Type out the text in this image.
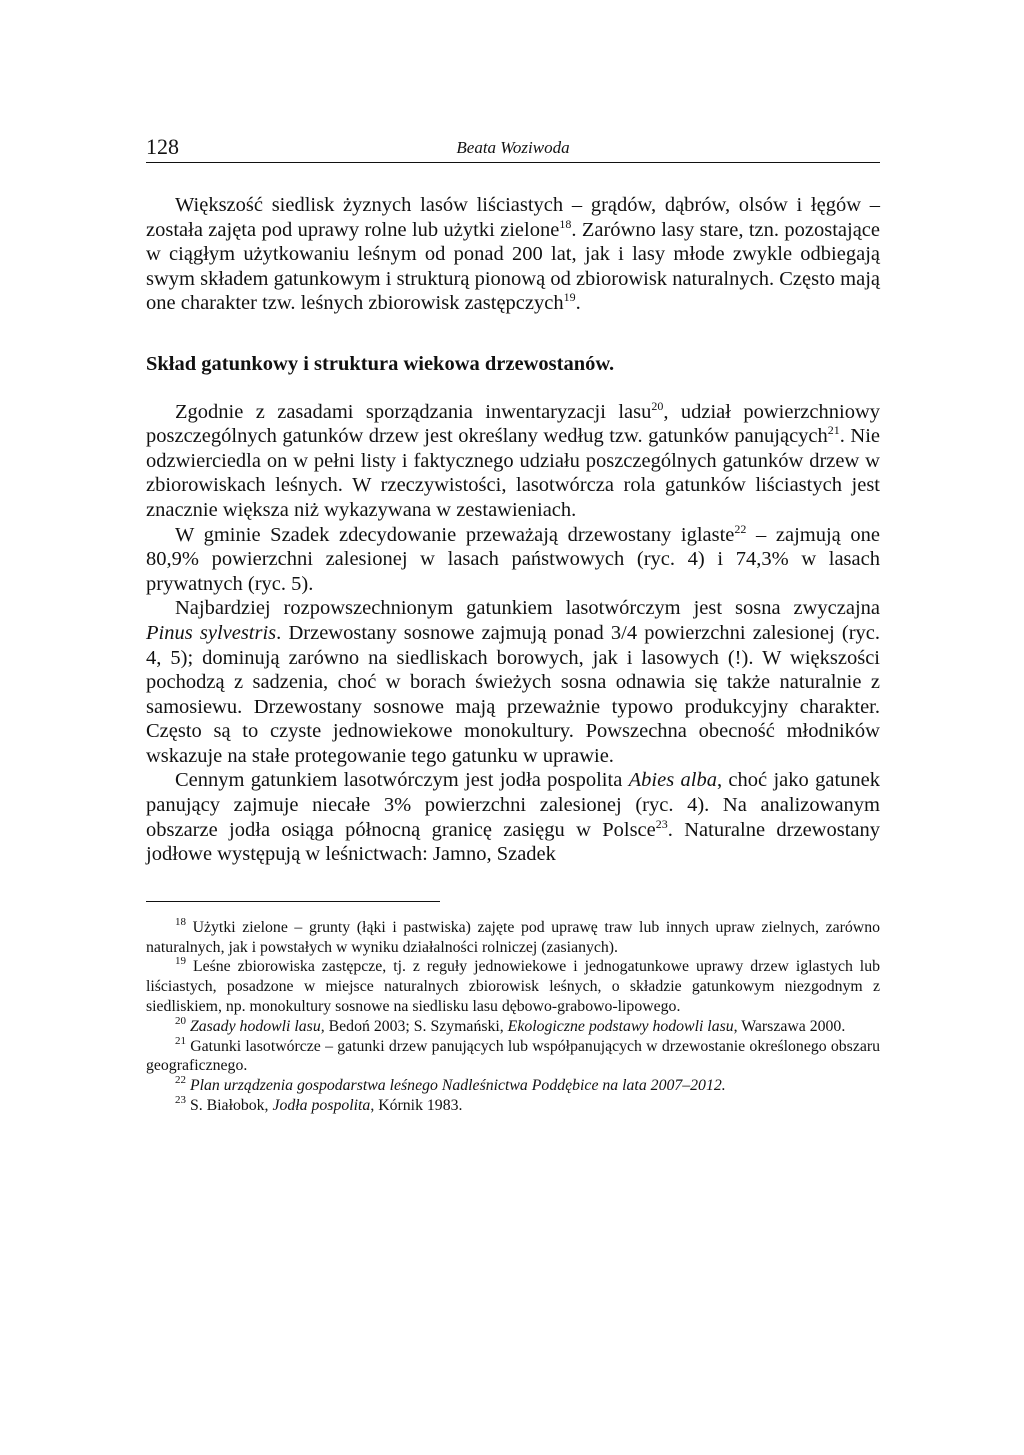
128	Beata Woziwoda

Większość siedlisk żyznych lasów liściastych – grądów, dąbrów, olsów i łęgów – została zajęta pod uprawy rolne lub użytki zielone$^{18}$. Zarówno lasy stare, tzn. pozostające w ciągłym użytkowaniu leśnym od ponad 200 lat, jak i lasy młode zwykle odbiegają swym składem gatunkowym i strukturą pionową od zbiorowisk naturalnych. Często mają one charakter tzw. leśnych zbiorowisk zastępczych$^{19}$.

Skład gatunkowy i struktura wiekowa drzewostanów.

Zgodnie z zasadami sporządzania inwentaryzacji lasu$^{20}$, udział powierzchniowy poszczególnych gatunków drzew jest określany według tzw. gatunków panujących$^{21}$. Nie odzwierciedla on w pełni listy i faktycznego udziału poszczególnych gatunków drzew w zbiorowiskach leśnych. W rzeczywistości, lasotwórcza rola gatunków liściastych jest znacznie większa niż wykazywana w zestawieniach.

W gminie Szadek zdecydowanie przeważają drzewostany iglaste$^{22}$ – zajmują one 80,9% powierzchni zalesionej w lasach państwowych (ryc. 4) i 74,3% w lasach prywatnych (ryc. 5).

Najbardziej rozpowszechnionym gatunkiem lasotwórczym jest sosna zwyczajna Pinus sylvestris. Drzewostany sosnowe zajmują ponad 3/4 powierzchni zalesionej (ryc. 4, 5); dominują zarówno na siedliskach borowych, jak i lasowych (!). W większości pochodzą z sadzenia, choć w borach świeżych sosna odnawia się także naturalnie z samosiewu. Drzewostany sosnowe mają przeważnie typowo produkcyjny charakter. Często są to czyste jednowiekowe monokultury. Powszechna obecność młodników wskazuje na stałe protegowanie tego gatunku w uprawie.

Cennym gatunkiem lasotwórczym jest jodła pospolita Abies alba, choć jako gatunek panujący zajmuje niecałe 3% powierzchni zalesionej (ryc. 4). Na analizowanym obszarze jodła osiąga północną granicę zasięgu w Polsce$^{23}$. Naturalne drzewostany jodłowe występują w leśnictwach: Jamno, Szadek

$^{18}$ Użytki zielone – grunty (łąki i pastwiska) zajęte pod uprawę traw lub innych upraw zielnych, zarówno naturalnych, jak i powstałych w wyniku działalności rolniczej (zasianych).

$^{19}$ Leśne zbiorowiska zastępcze, tj. z reguły jednowiekowe i jednogatunkowe uprawy drzew iglastych lub liściastych, posadzone w miejsce naturalnych zbiorowisk leśnych, o składzie gatunkowym niezgodnym z siedliskiem, np. monokultury sosnowe na siedlisku lasu dębowo-grabowo-lipowego.

$^{20}$ Zasady hodowli lasu, Bedoń 2003; S. Szymański, Ekologiczne podstawy hodowli lasu, Warszawa 2000.

$^{21}$ Gatunki lasotwórcze – gatunki drzew panujących lub współpanujących w drzewostanie określonego obszaru geograficznego.

$^{22}$ Plan urządzenia gospodarstwa leśnego Nadleśnictwa Poddębice na lata 2007–2012.

$^{23}$ S. Białobok, Jodła pospolita, Kórnik 1983.
